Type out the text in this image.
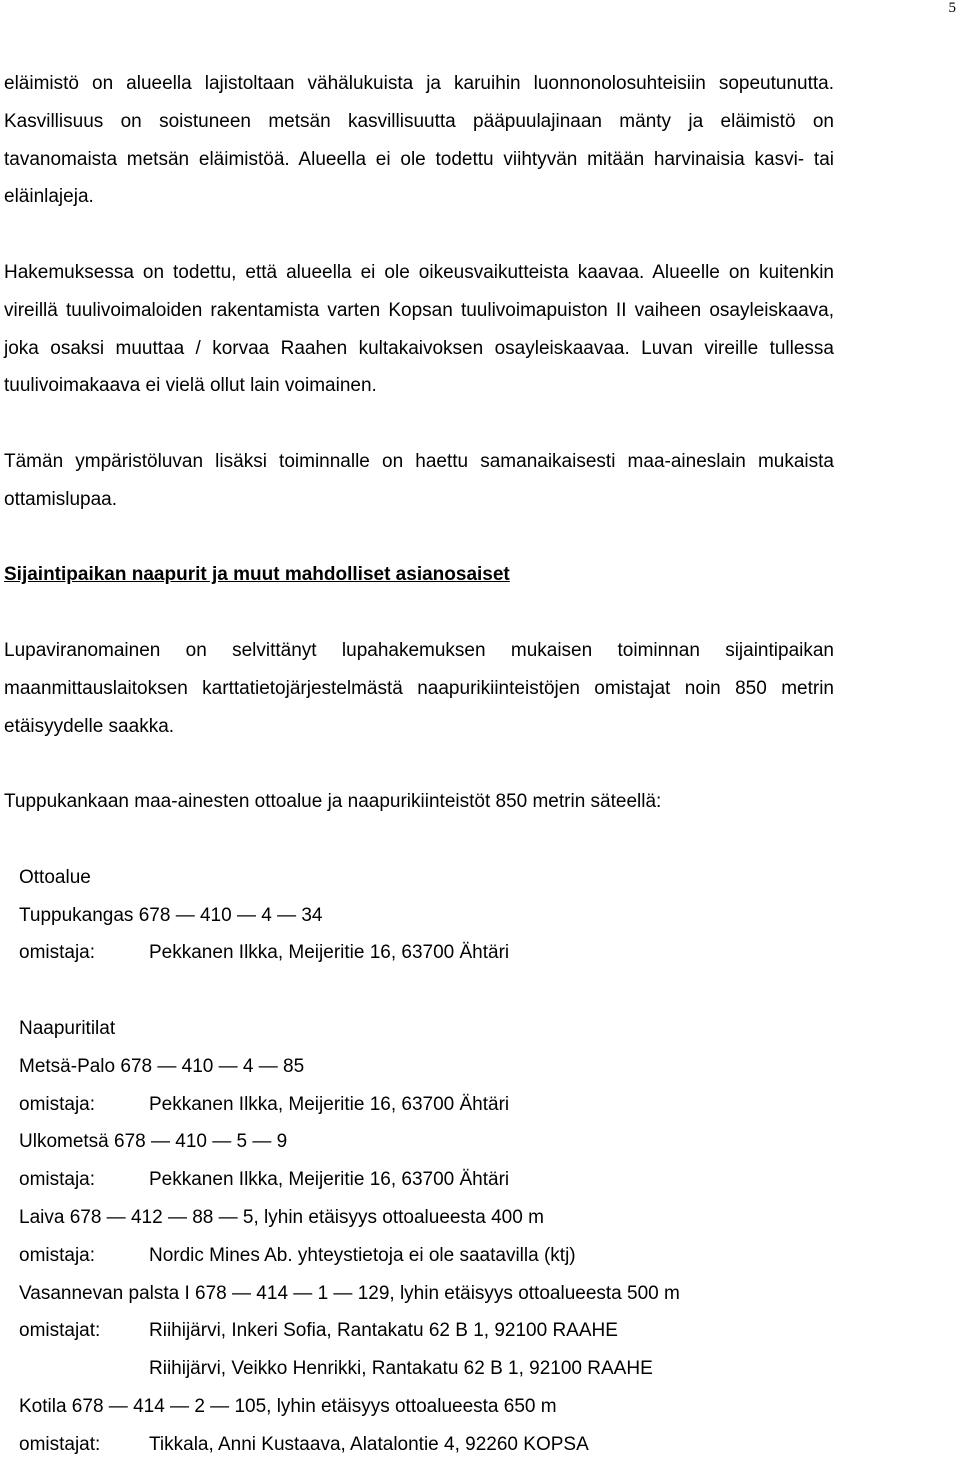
5

eläimistö on alueella lajistoltaan vähälukuista ja karuihin luonnonolosuhteisiin sopeutunutta. Kasvillisuus on soistuneen metsän kasvillisuutta pääpuulajinaan mänty ja eläimistö on tavanomaista metsän eläimistöä. Alueella ei ole todettu viihtyvän mitään harvinaisia kasvi- tai eläinlajeja.

Hakemuksessa on todettu, että alueella ei ole oikeusvaikutteista kaavaa. Alueelle on kuitenkin vireillä tuulivoimaloiden rakentamista varten Kopsan tuulivoimapuiston II vaiheen osayleiskaava, joka osaksi muuttaa / korvaa Raahen kultakaivoksen osayleiskaavaa. Luvan vireille tullessa tuulivoimakaava ei vielä ollut lain voimainen.

Tämän ympäristöluvan lisäksi toiminnalle on haettu samanaikaisesti maa-aineslain mukaista ottamislupaa.

Sijaintipaikan naapurit ja muut mahdolliset asianosaiset

Lupaviranomainen on selvittänyt lupahakemuksen mukaisen toiminnan sijaintipaikan maanmittauslaitoksen karttatietojärjestelmästä naapurikiinteistöjen omistajat noin 850 metrin etäisyydelle saakka.

Tuppukankaan maa-ainesten ottoalue ja naapurikiinteistöt 850 metrin säteellä:

Ottoalue
Tuppukangas 678 — 410 — 4 — 34
omistaja:	Pekkanen Ilkka, Meijeritie 16, 63700 Ähtäri
Naapuritilat
Metsä-Palo 678 — 410 — 4 — 85
omistaja:	Pekkanen Ilkka, Meijeritie 16, 63700 Ähtäri
Ulkometsä 678 — 410 — 5 — 9
omistaja:	Pekkanen Ilkka, Meijeritie 16, 63700 Ähtäri
Laiva 678 — 412 — 88 — 5, lyhin etäisyys ottoalueesta 400 m
omistaja:	Nordic Mines Ab. yhteystietoja ei ole saatavilla (ktj)
Vasannevan palsta I 678 — 414 — 1 — 129, lyhin etäisyys ottoalueesta 500 m
omistajat:	Riihijärvi, Inkeri Sofia, Rantakatu 62 B 1, 92100 RAAHE
Riihijärvi, Veikko Henrikki, Rantakatu 62 B 1, 92100 RAAHE
Kotila 678 — 414 — 2 — 105, lyhin etäisyys ottoalueesta 650 m
omistajat:	Tikkala, Anni Kustaava, Alatalontie 4, 92260 KOPSA
